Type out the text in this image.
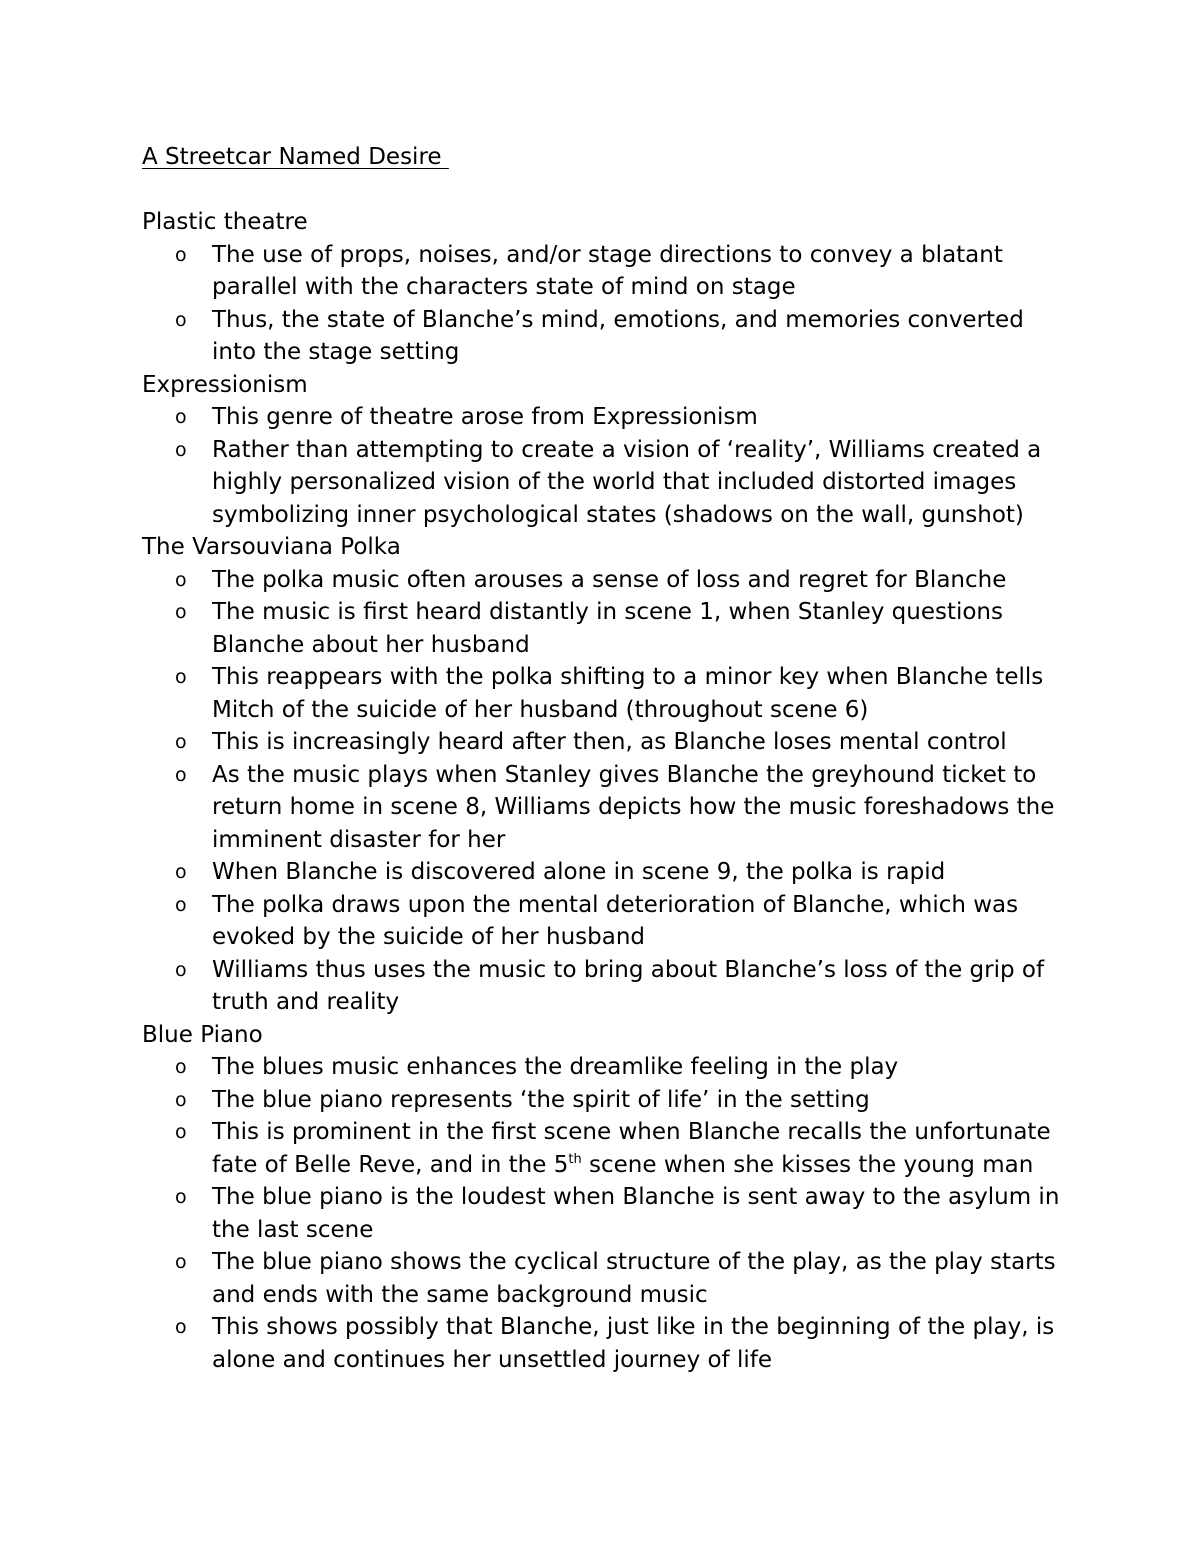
A Streetcar Named Desire
Plastic theatre
o The use of props, noises, and/or stage directions to convey a blatant parallel with the characters state of mind on stage
o Thus, the state of Blanche’s mind, emotions, and memories converted into the stage setting
Expressionism
o This genre of theatre arose from Expressionism
o Rather than attempting to create a vision of ‘reality’, Williams created a highly personalized vision of the world that included distorted images symbolizing inner psychological states (shadows on the wall, gunshot)
The Varsouviana Polka
o The polka music often arouses a sense of loss and regret for Blanche
o The music is first heard distantly in scene 1, when Stanley questions Blanche about her husband
o This reappears with the polka shifting to a minor key when Blanche tells Mitch of the suicide of her husband (throughout scene 6)
o This is increasingly heard after then, as Blanche loses mental control
o As the music plays when Stanley gives Blanche the greyhound ticket to return home in scene 8, Williams depicts how the music foreshadows the imminent disaster for her
o When Blanche is discovered alone in scene 9, the polka is rapid
o The polka draws upon the mental deterioration of Blanche, which was evoked by the suicide of her husband
o Williams thus uses the music to bring about Blanche’s loss of the grip of truth and reality
Blue Piano
o The blues music enhances the dreamlike feeling in the play
o The blue piano represents ‘the spirit of life’ in the setting
o This is prominent in the first scene when Blanche recalls the unfortunate fate of Belle Reve, and in the 5th scene when she kisses the young man
o The blue piano is the loudest when Blanche is sent away to the asylum in the last scene
o The blue piano shows the cyclical structure of the play, as the play starts and ends with the same background music
o This shows possibly that Blanche, just like in the beginning of the play, is alone and continues her unsettled journey of life
